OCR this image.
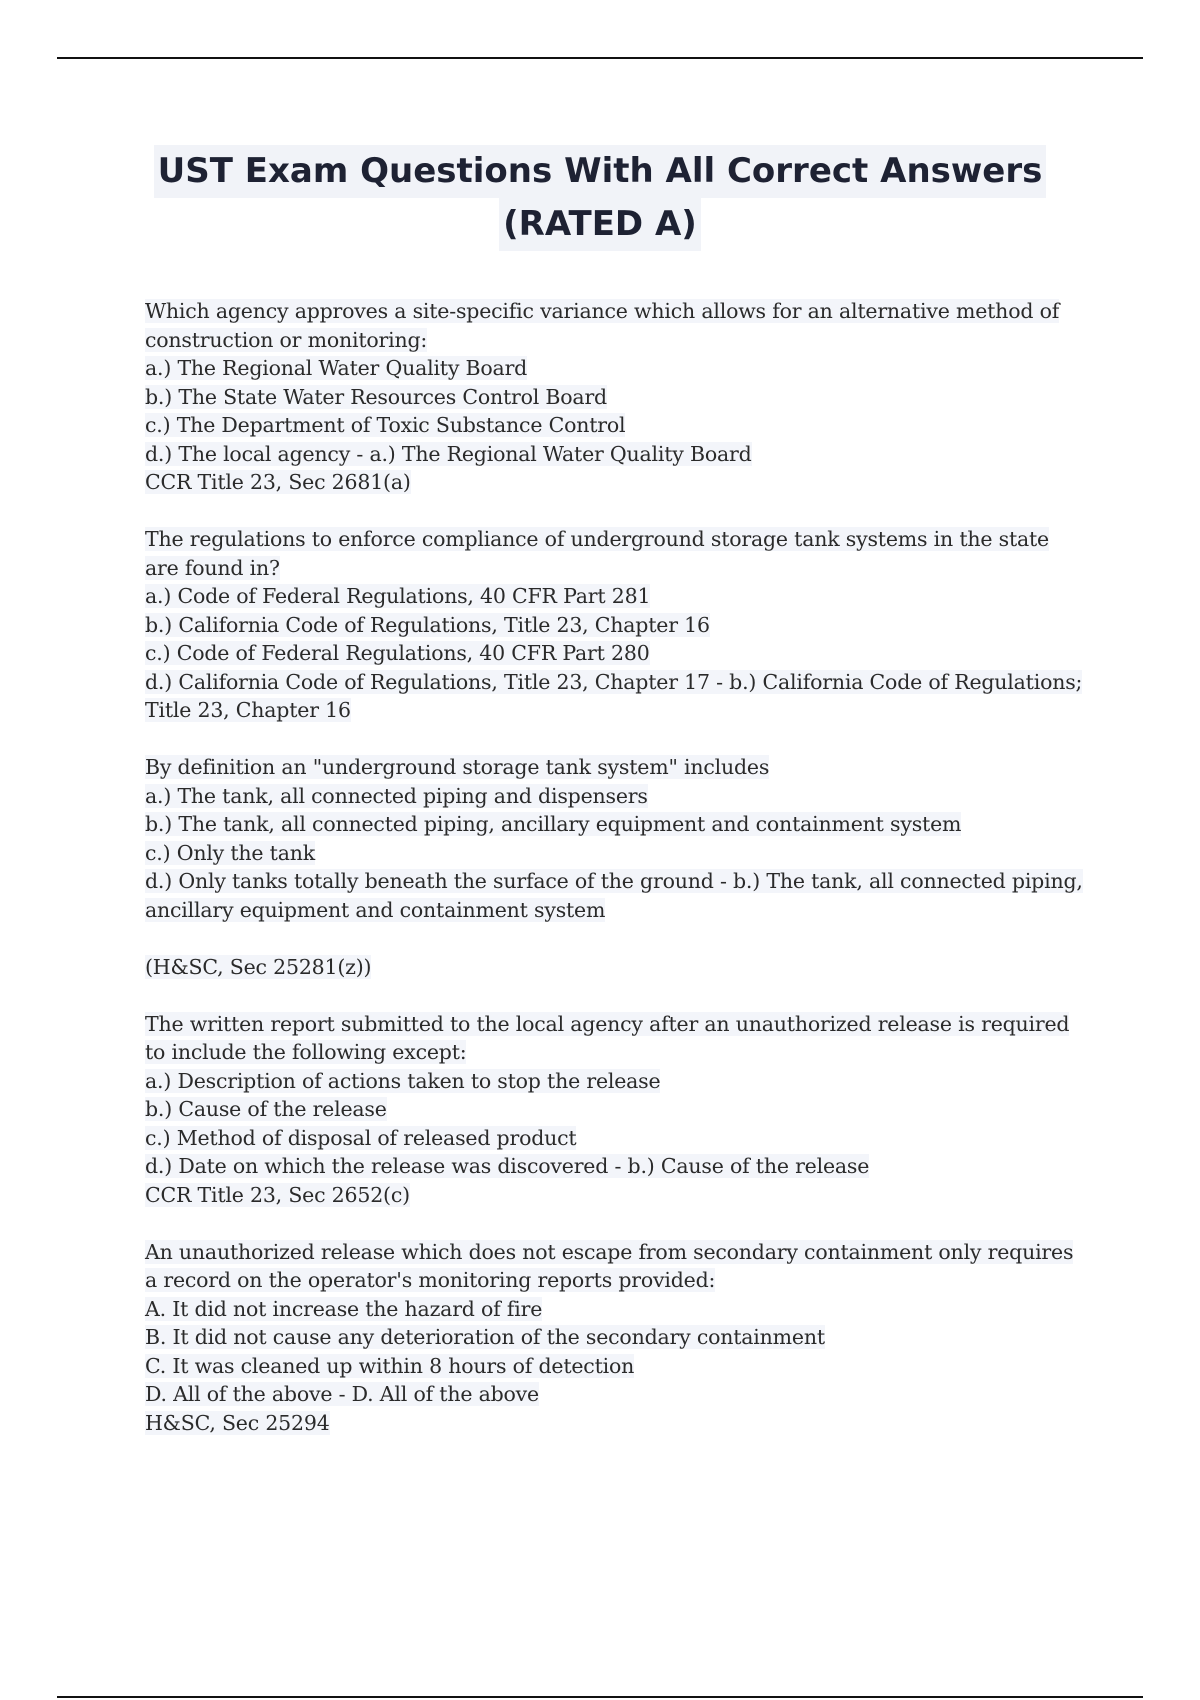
UST Exam Questions With All Correct Answers
(RATED A)
Which agency approves a site-specific variance which allows for an alternative method of
construction or monitoring:
a.) The Regional Water Quality Board
b.) The State Water Resources Control Board
c.) The Department of Toxic Substance Control
d.) The local agency - a.) The Regional Water Quality Board
CCR Title 23, Sec 2681(a)
The regulations to enforce compliance of underground storage tank systems in the state
are found in?
a.) Code of Federal Regulations, 40 CFR Part 281
b.) California Code of Regulations, Title 23, Chapter 16
c.) Code of Federal Regulations, 40 CFR Part 280
d.) California Code of Regulations, Title 23, Chapter 17 - b.) California Code of Regulations;
Title 23, Chapter 16
By definition an "underground storage tank system" includes
a.) The tank, all connected piping and dispensers
b.) The tank, all connected piping, ancillary equipment and containment system
c.) Only the tank
d.) Only tanks totally beneath the surface of the ground - b.) The tank, all connected piping,
ancillary equipment and containment system
(H&SC, Sec 25281(z))
The written report submitted to the local agency after an unauthorized release is required
to include the following except:
a.) Description of actions taken to stop the release
b.) Cause of the release
c.) Method of disposal of released product
d.) Date on which the release was discovered - b.) Cause of the release
CCR Title 23, Sec 2652(c)
An unauthorized release which does not escape from secondary containment only requires
a record on the operator's monitoring reports provided:
A. It did not increase the hazard of fire
B. It did not cause any deterioration of the secondary containment
C. It was cleaned up within 8 hours of detection
D. All of the above - D. All of the above
H&SC, Sec 25294
